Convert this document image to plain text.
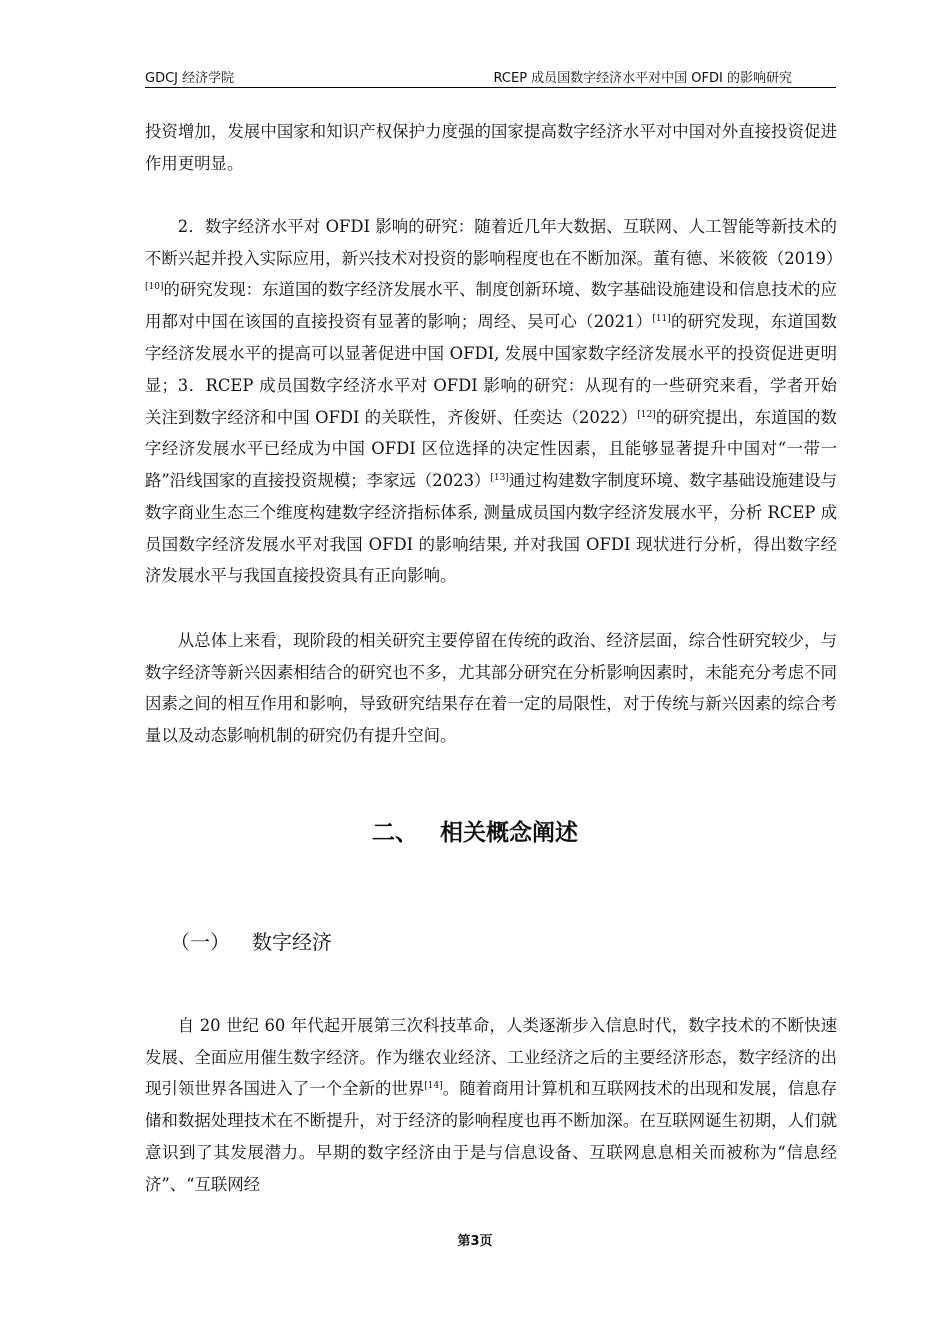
GDCJ 经济学院	RCEP 成员国数字经济水平对中国 OFDI 的影响研究

投资增加，发展中国家和知识产权保护力度强的国家提高数字经济水平对中国对外直接投资促进作用更明显。

2．数字经济水平对 OFDI 影响的研究：随着近几年大数据、互联网、人工智能等新技术的不断兴起并投入实际应用，新兴技术对投资的影响程度也在不断加深。董有德、米筱筱（2019）[10]的研究发现：东道国的数字经济发展水平、制度创新环境、数字基础设施建设和信息技术的应用都对中国在该国的直接投资有显著的影响；周经、吴可心（2021）[11]的研究发现，东道国数字经济发展水平的提高可以显著促进中国 OFDI, 发展中国家数字经济发展水平的投资促进更明显； 3．RCEP 成员国数字经济水平对 OFDI 影响的研究：从现有的一些研究来看，学者开始关注到数字经济和中国 OFDI 的关联性，齐俊妍、任奕达（2022）[12]的研究提出，东道国的数字经济发展水平已经成为中国 OFDI 区位选择的决定性因素，且能够显著提升中国对“一带一路”沿线国家的直接投资规模；李家远（2023）[13]通过构建数字制度环境、数字基础设施建设与数字商业生态三个维度构建数字经济指标体系, 测量成员国内数字经济发展水平，分析 RCEP 成员国数字经济发展水平对我国 OFDI 的影响结果, 并对我国 OFDI 现状进行分析，得出数字经济发展水平与我国直接投资具有正向影响。

从总体上来看，现阶段的相关研究主要停留在传统的政治、经济层面，综合性研究较少，与数字经济等新兴因素相结合的研究也不多，尤其部分研究在分析影响因素时，未能充分考虑不同因素之间的相互作用和影响，导致研究结果存在着一定的局限性，对于传统与新兴因素的综合考量以及动态影响机制的研究仍有提升空间。

二、 相关概念阐述
（一） 数字经济

自 20 世纪 60 年代起开展第三次科技革命，人类逐渐步入信息时代，数字技术的不断快速发展、全面应用催生数字经济。作为继农业经济、工业经济之后的主要经济形态，数字经济的出现引领世界各国进入了一个全新的世界[14]。随着商用计算机和互联网技术的出现和发展，信息存储和数据处理技术在不断提升，对于经济的影响程度也再不断加深。在互联网诞生初期，人们就意识到了其发展潜力。早期的数字经济由于是与信息设备、互联网息息相关而被称为“信息经济”、“互联网经

第3页
